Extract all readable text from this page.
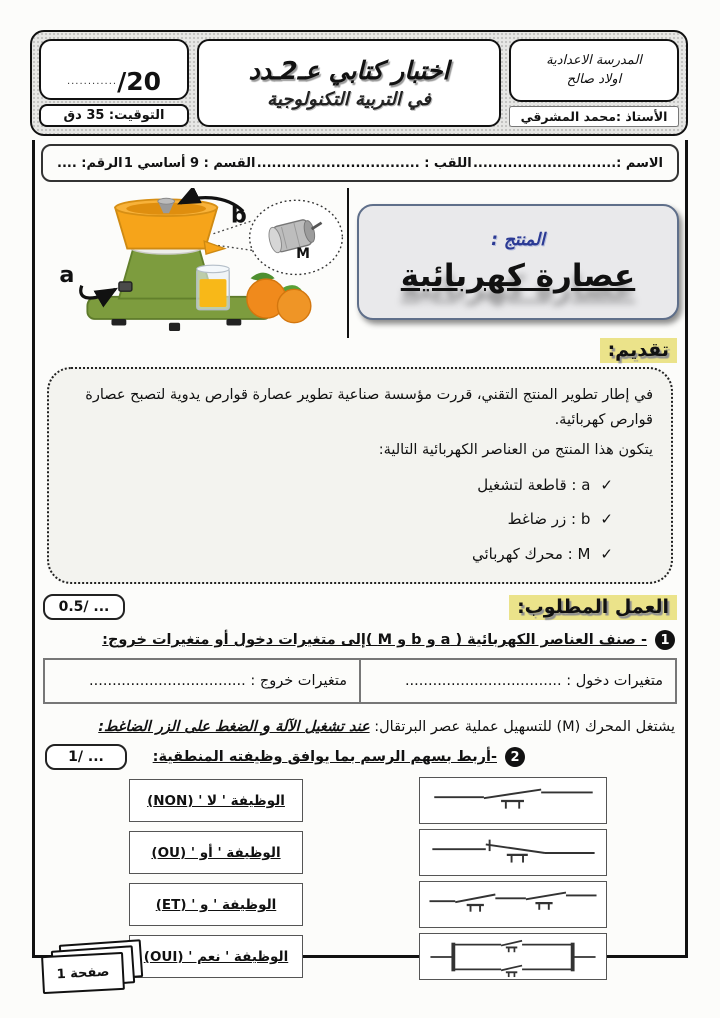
المدرسة الاعدادية
اولاد صالح
الأستاذ :محمد المشرقي
اختبار كتابي عـ2ـدد
في التربية التكنولوجية
............ /20
التوقيت: 35 دق
الاسم :.............................
اللقب : .................................
القسم : 9 أساسي 1
الرقم: ....
المنتج :
عصارة كهربائية
M
a
b
تقديم:

في إطار تطوير المنتج التقني، قررت مؤسسة صناعية تطوير عصارة قوارص يدوية لتصبح عصارة قوارص كهربائية.

يتكون هذا المنتج من العناصر الكهربائية التالية:

✓
a : قاطعة لتشغيل
✓
b : زر ضاغط
✓
M : محرك كهربائي
العمل المطلوب:
0.5/ ...
1
- صنف العناصر الكهربائية ( a و b و M )إلى متغيرات دخول أو متغيرات خروج:
متغيرات دخول : ..................................
متغيرات خروج : ..................................
يشتغل المحرك (M) للتسهيل عملية عصر البرتقال: عند تشغيل الآلة و الضغط على الزر الضاغط:
2
-أربط بسهم الرسم بما يوافق وظيفته المنطقية:
1/ ...
الوظيفة ' لا ' (NON)
الوظيفة ' أو ' (OU)
الوظيفة ' و ' (ET)
الوظيفة ' نعم ' (OUI)
صفحة 1
